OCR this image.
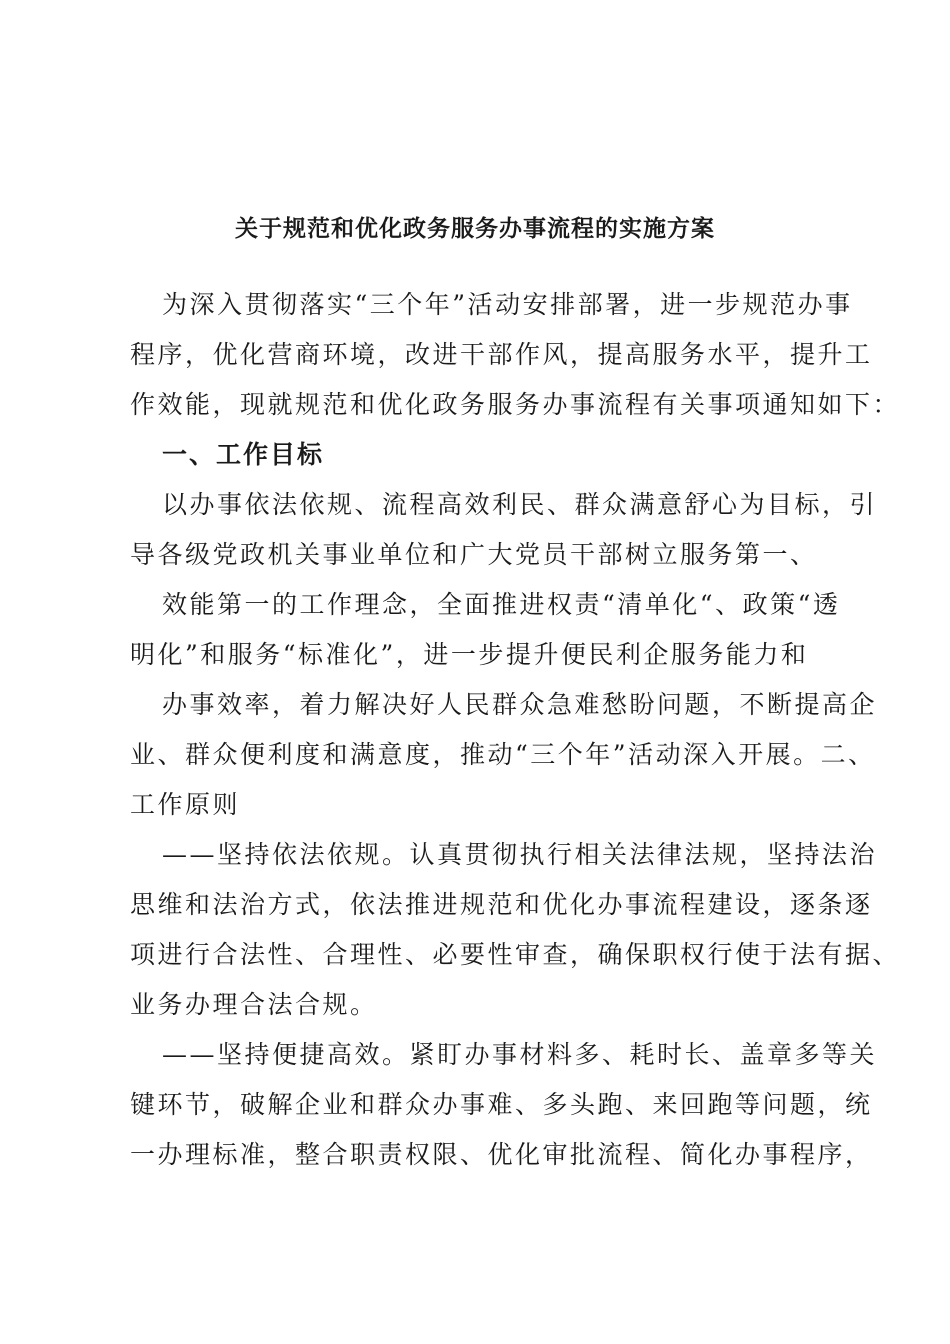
关于规范和优化政务服务办事流程的实施方案

为深入贯彻落实“三个年”活动安排部署，进一步规范办事

程序，优化营商环境，改进干部作风，提高服务水平，提升工

作效能，现就规范和优化政务服务办事流程有关事项通知如下：

一、工作目标

以办事依法依规、流程高效利民、群众满意舒心为目标，引

导各级党政机关事业单位和广大党员干部树立服务第一、

效能第一的工作理念，全面推进权责“清单化“、政策“透

明化”和服务“标准化”，进一步提升便民利企服务能力和

办事效率，着力解决好人民群众急难愁盼问题，不断提高企

业、群众便利度和满意度，推动“三个年”活动深入开展。二、

工作原则

——坚持依法依规。认真贯彻执行相关法律法规，坚持法治

思维和法治方式，依法推进规范和优化办事流程建设，逐条逐

项进行合法性、合理性、必要性审查，确保职权行使于法有据、

业务办理合法合规。

——坚持便捷高效。紧盯办事材料多、耗时长、盖章多等关

键环节，破解企业和群众办事难、多头跑、来回跑等问题，统

一办理标准，整合职责权限、优化审批流程、简化办事程序，
